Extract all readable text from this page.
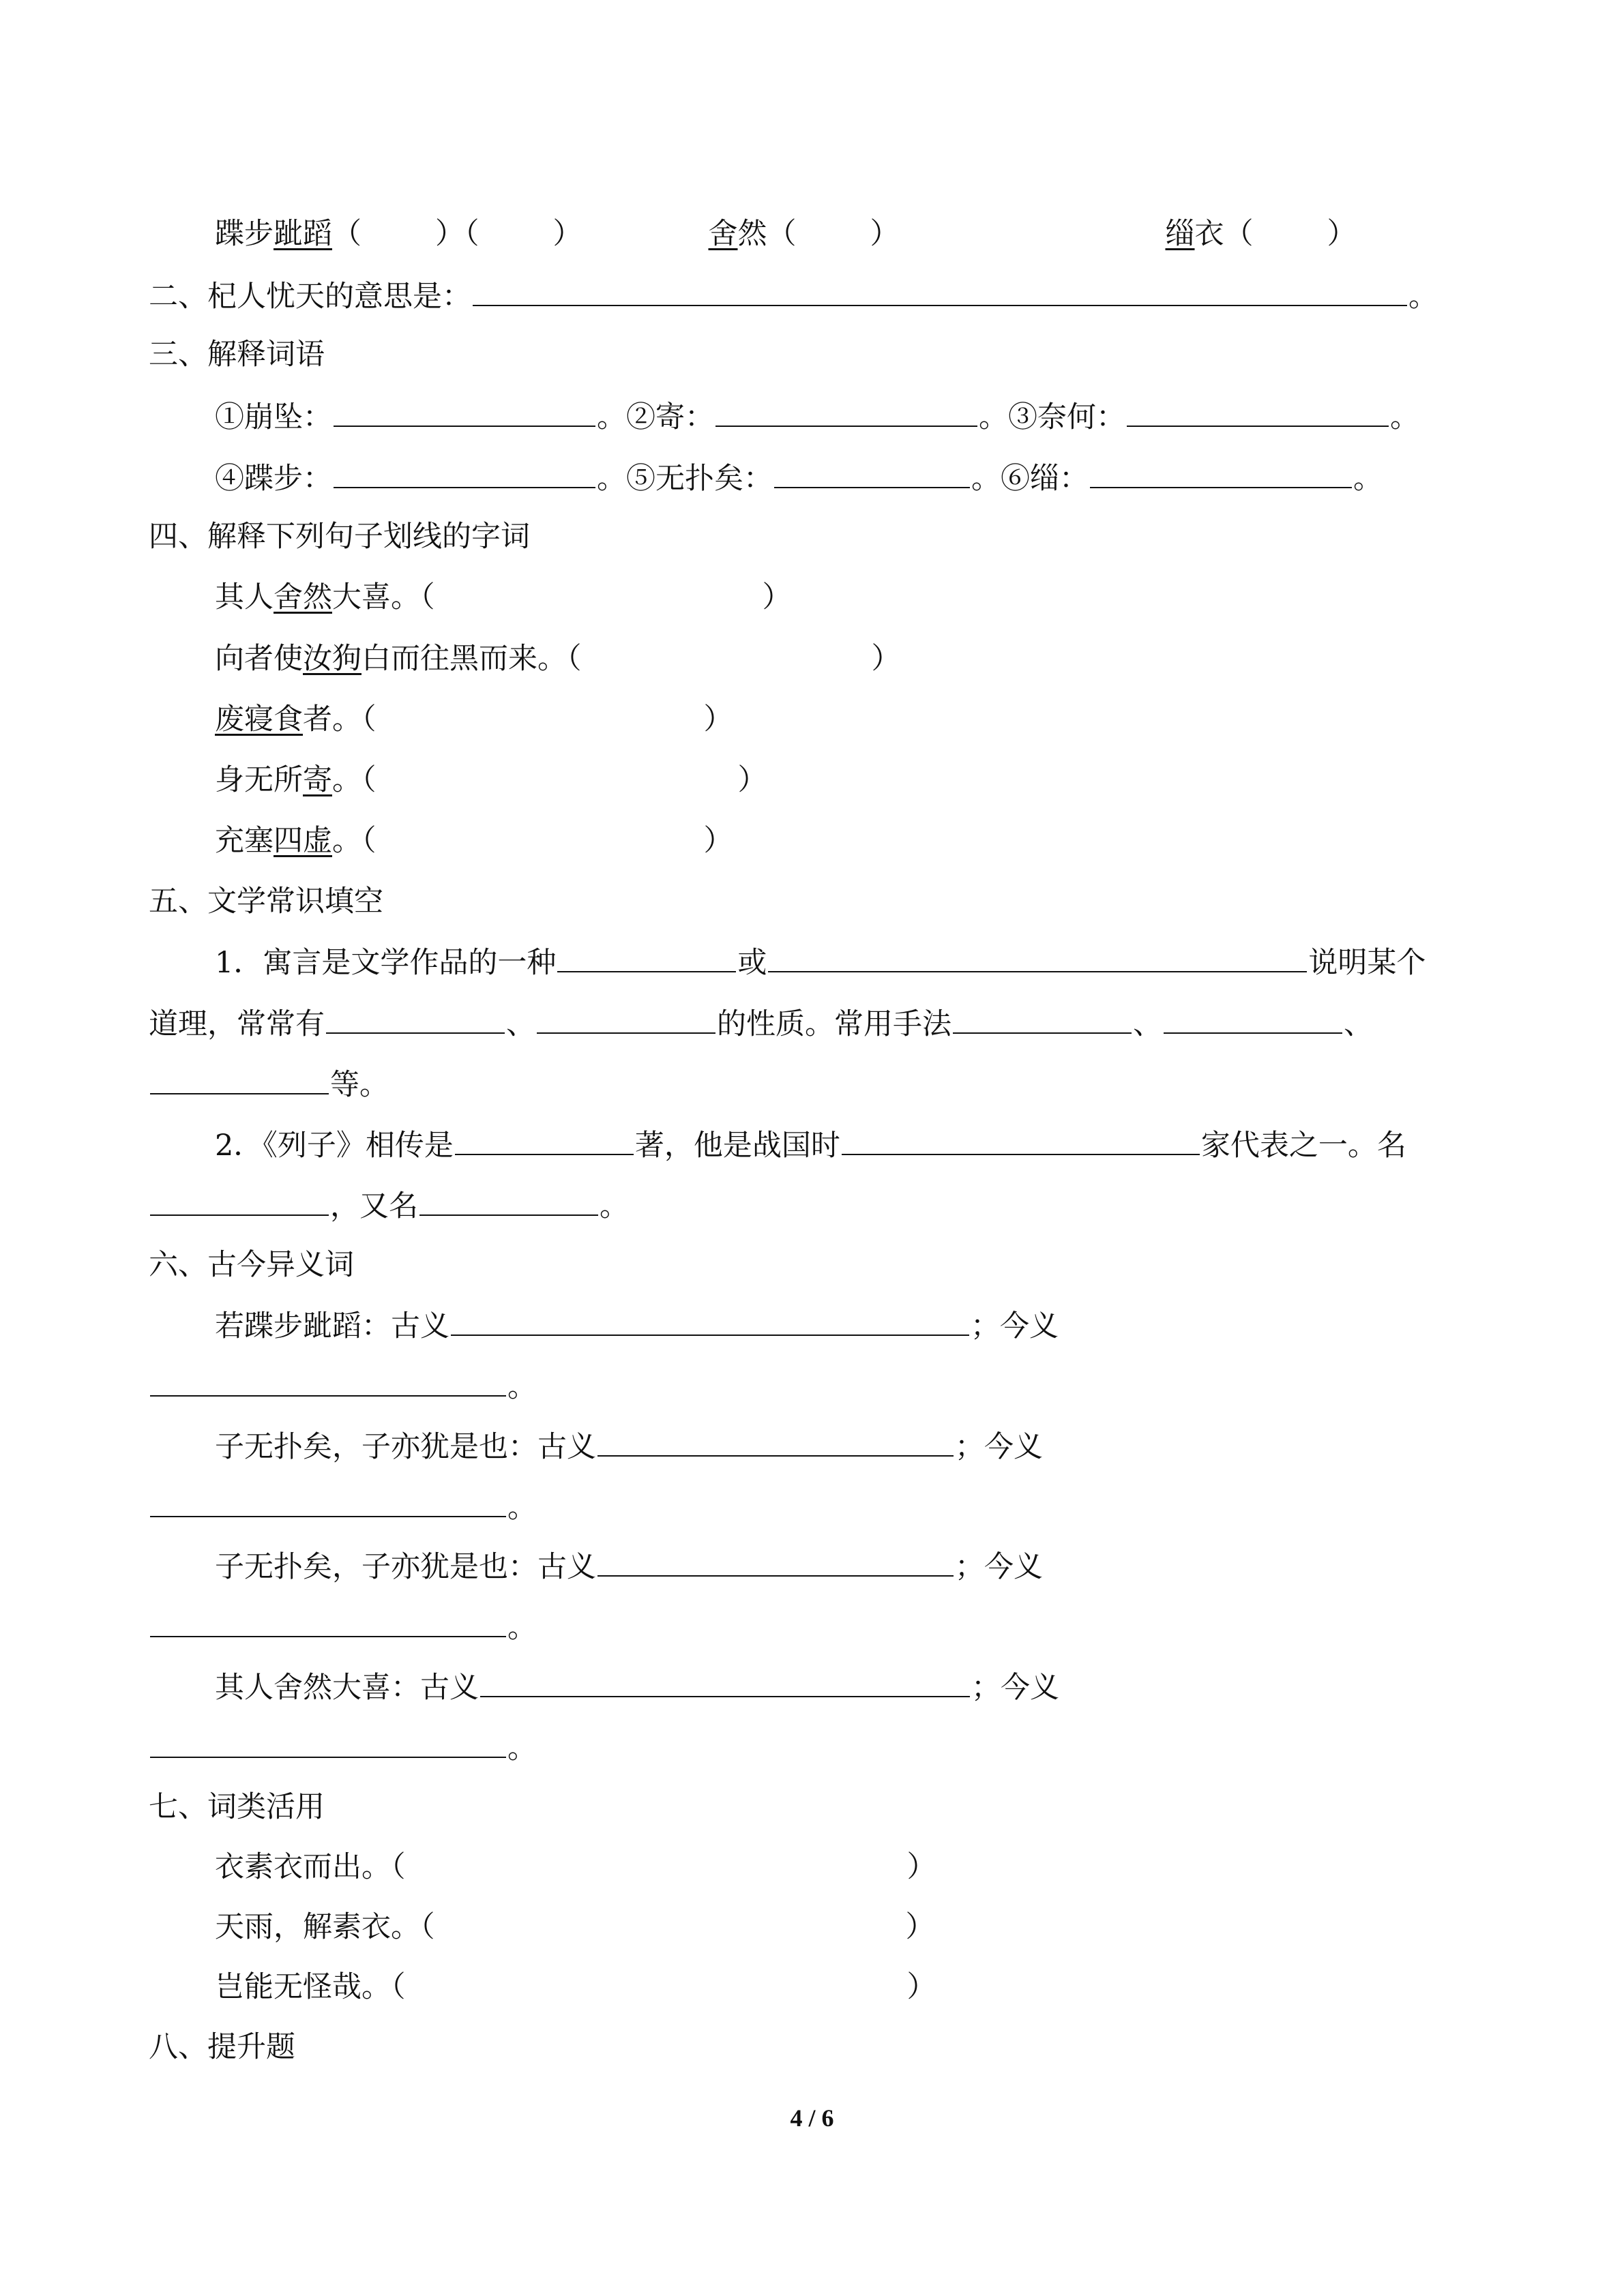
蹀步跐蹈（	）（	）	舍然（	）	缁衣（	）
二、杞人忧天的意思是：	。
三、解释词语
①崩坠：	。②寄：	。③奈何：	。
④蹀步：	。⑤无扑矣：	。⑥缁：	。
四、解释下列句子划线的字词
其人舍然大喜。（	）
向者使汝狗白而往黑而来。（	）
废寝食者。（	）
身无所寄。（	）
充塞四虚。（	）
五、文学常识填空
1．寓言是文学作品的一种	或	说明某个
道理，常常有	、	的性质。常用手法	、	、
等。
2．《列子》相传是	著，他是战国时	家代表之一。名
，又名	。
六、古今异义词
若蹀步跐蹈：古义	；今义
。
子无扑矣，子亦犹是也：古义	；今义
。
子无扑矣，子亦犹是也：古义	；今义
。
其人舍然大喜：古义	；今义
。
七、词类活用
衣素衣而出。（	）
天雨，解素衣。（	）
岂能无怪哉。（	）
八、提升题
4 / 6
